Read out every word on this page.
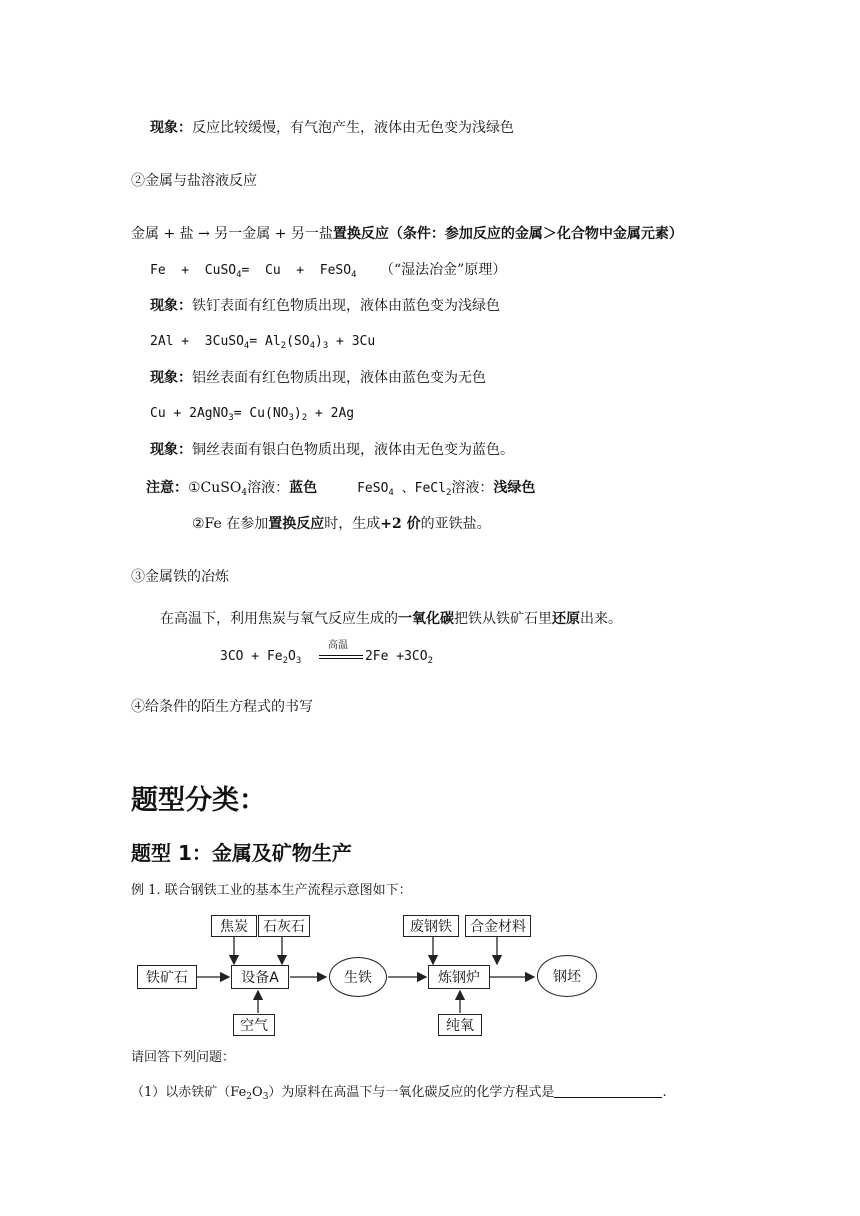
现象：反应比较缓慢，有气泡产生，液体由无色变为浅绿色
②金属与盐溶液反应
金属 + 盐 → 另一金属 + 另一盐置换反应（条件：参加反应的金属＞化合物中金属元素）
Fe  +  CuSO$_4$=  Cu  +  FeSO$_4$ （“湿法冶金”原理）
现象：铁钉表面有红色物质出现，液体由蓝色变为浅绿色
2Al +  3CuSO$_4$= $Al_2(SO_4)_3 + 3Cu$
现象：铝丝表面有红色物质出现，液体由蓝色变为无色
Cu + 2AgNO$_3$= $Cu(NO_3)_2 + 2Ag$
现象：铜丝表面有银白色物质出现，液体由无色变为蓝色。
注意：①CuSO$_4$溶液：蓝色	FeSO$_4$ 、FeCl$_2$溶液：浅绿色
②Fe 在参加置换反应时，生成+2 价的亚铁盐。
③金属铁的冶炼
在高温下，利用焦炭与氧气反应生成的一氧化碳把铁从铁矿石里还原出来。
$3CO + Fe_2O_3$
高温
$2Fe +3CO_2$
④给条件的陌生方程式的书写
题型分类：
题型 1：金属及矿物生产
例 1. 联合钢铁工业的基本生产流程示意图如下：
焦炭	石灰石
铁矿石	设备A
空气
生铁
废钢铁	合金材料
炼钢炉
纯氧
钢坯
请回答下列问题：
（1）以赤铁矿$(Fe_2O_3)$为原料在高温下与一氧化碳反应的化学方程式是	.
